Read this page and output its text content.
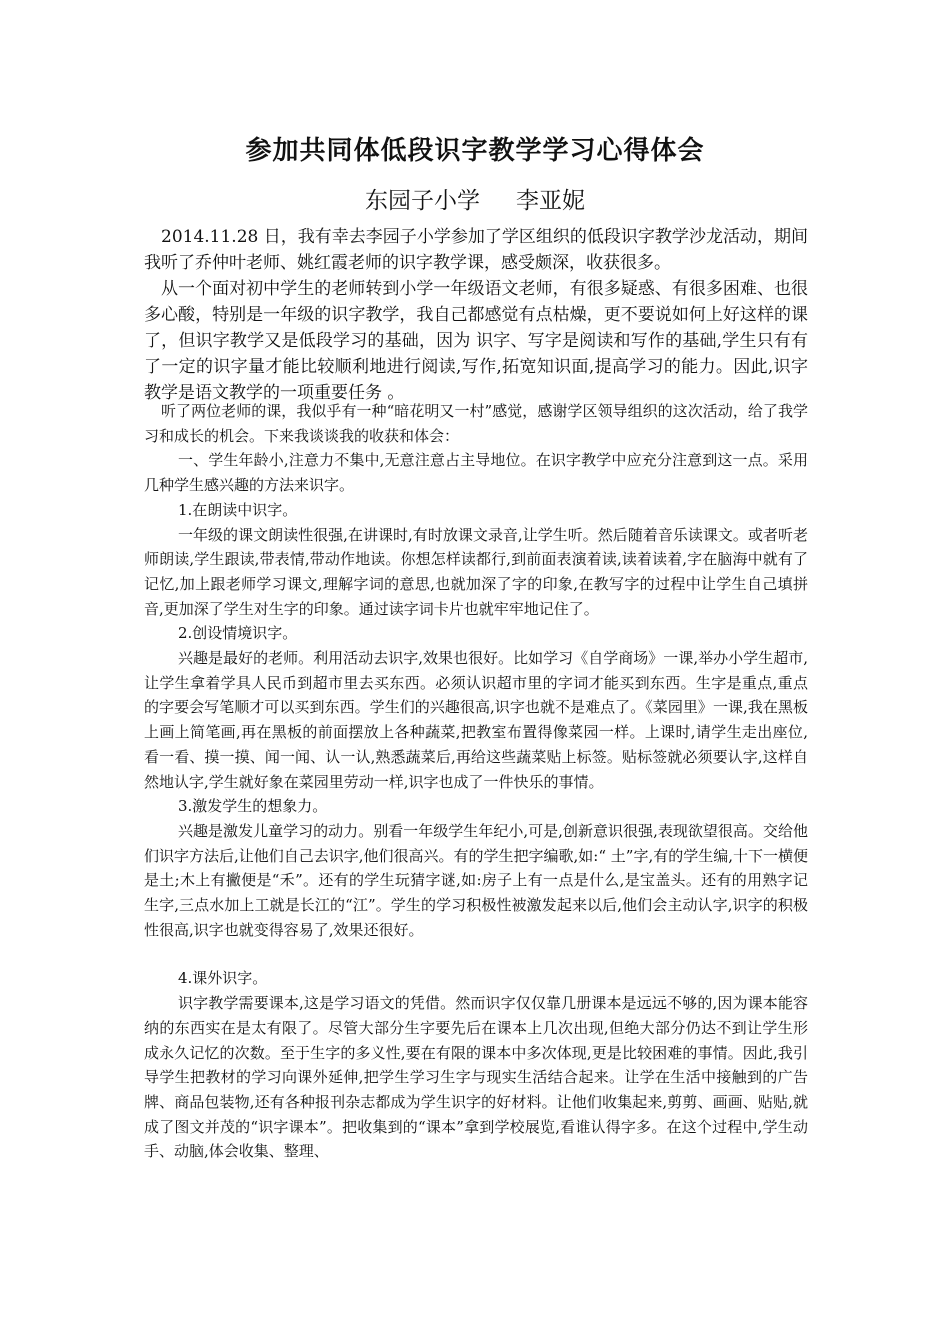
参加共同体低段识字教学学习心得体会
东园子小学 李亚妮

2014.11.28 日，我有幸去李园子小学参加了学区组织的低段识字教学沙龙活动，期间我听了乔仲叶老师、姚红霞老师的识字教学课，感受颇深，收获很多。

从一个面对初中学生的老师转到小学一年级语文老师，有很多疑惑、有很多困难、也很多心酸，特别是一年级的识字教学，我自己都感觉有点枯燥，更不要说如何上好这样的课了，但识字教学又是低段学习的基础，因为 识字、写字是阅读和写作的基础,学生只有有了一定的识字量才能比较顺利地进行阅读,写作,拓宽知识面,提高学习的能力。因此,识字教学是语文教学的一项重要任务 。

听了两位老师的课，我似乎有一种“暗花明又一村”感觉，感谢学区领导组织的这次活动，给了我学习和成长的机会。下来我谈谈我的收获和体会：

一、学生年龄小,注意力不集中,无意注意占主导地位。在识字教学中应充分注意到这一点。采用几种学生感兴趣的方法来识字。

1.在朗读中识字。

一年级的课文朗读性很强,在讲课时,有时放课文录音,让学生听。然后随着音乐读课文。或者听老师朗读,学生跟读,带表情,带动作地读。你想怎样读都行,到前面表演着读,读着读着,字在脑海中就有了记忆,加上跟老师学习课文,理解字词的意思,也就加深了字的印象,在教写字的过程中让学生自己填拼音,更加深了学生对生字的印象。通过读字词卡片也就牢牢地记住了。

2.创设情境识字。

兴趣是最好的老师。利用活动去识字,效果也很好。比如学习《自学商场》一课,举办小学生超市,让学生拿着学具人民币到超市里去买东西。必须认识超市里的字词才能买到东西。生字是重点,重点的字要会写笔顺才可以买到东西。学生们的兴趣很高,识字也就不是难点了。《菜园里》一课,我在黑板上画上简笔画,再在黑板的前面摆放上各种蔬菜,把教室布置得像菜园一样。上课时,请学生走出座位,看一看、摸一摸、闻一闻、认一认,熟悉蔬菜后,再给这些蔬菜贴上标签。贴标签就必须要认字,这样自然地认字,学生就好象在菜园里劳动一样,识字也成了一件快乐的事情。

3.激发学生的想象力。

兴趣是激发儿童学习的动力。别看一年级学生年纪小,可是,创新意识很强,表现欲望很高。交给他们识字方法后,让他们自己去识字,他们很高兴。有的学生把字编歌,如:“ 土”字,有的学生编,十下一横便是土;木上有撇便是“禾”。还有的学生玩猜字谜,如:房子上有一点是什么,是宝盖头。还有的用熟字记生字,三点水加上工就是长江的“江”。学生的学习积极性被激发起来以后,他们会主动认字,识字的积极性很高,识字也就变得容易了,效果还很好。

4.课外识字。

识字教学需要课本,这是学习语文的凭借。然而识字仅仅靠几册课本是远远不够的,因为课本能容纳的东西实在是太有限了。尽管大部分生字要先后在课本上几次出现,但绝大部分仍达不到让学生形成永久记忆的次数。至于生字的多义性,要在有限的课本中多次体现,更是比较困难的事情。因此,我引导学生把教材的学习向课外延伸,把学生学习生字与现实生活结合起来。让学在生活中接触到的广告牌、商品包装物,还有各种报刊杂志都成为学生识字的好材料。让他们收集起来,剪剪、画画、贴贴,就成了图文并茂的“识字课本”。把收集到的“课本”拿到学校展览,看谁认得字多。在这个过程中,学生动手、动脑,体会收集、整理、
